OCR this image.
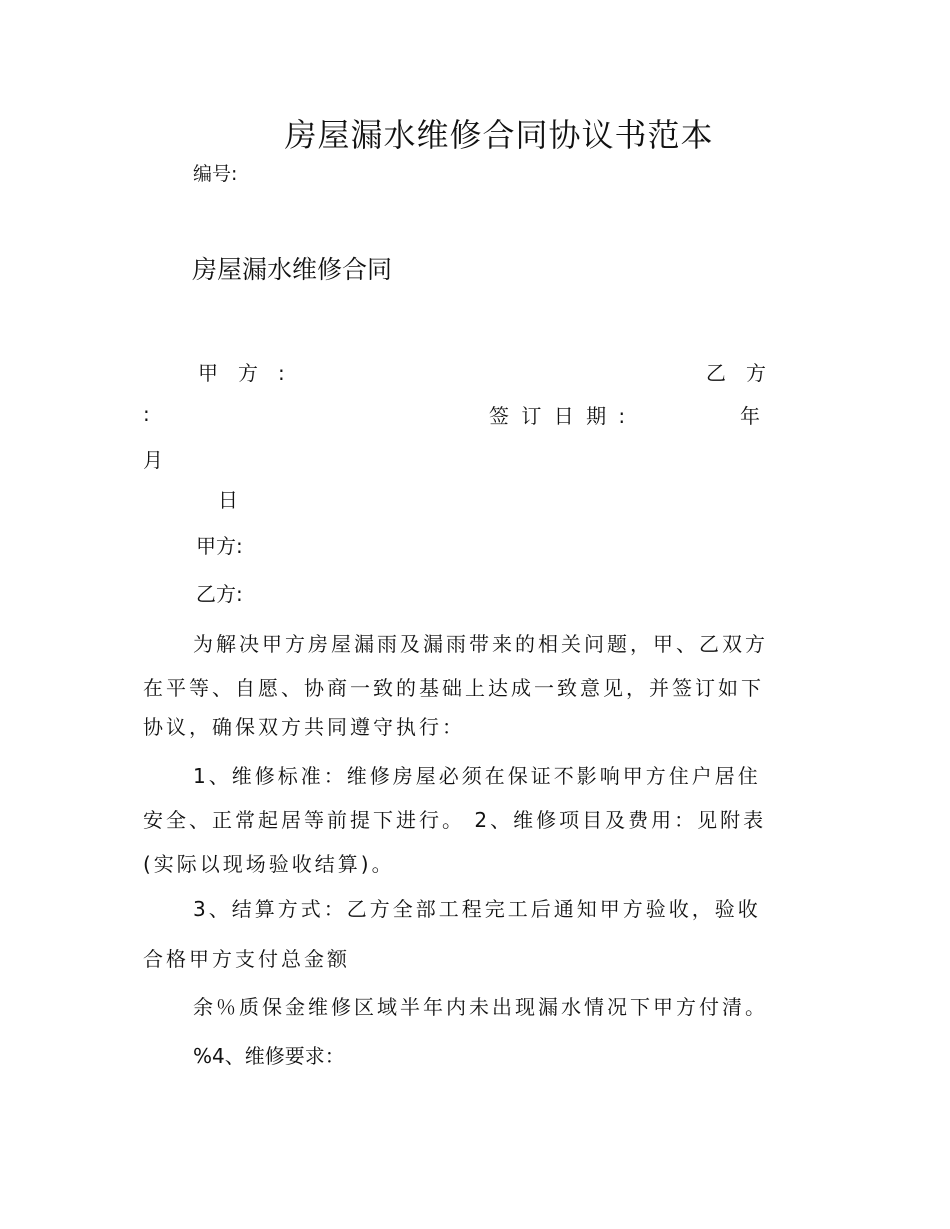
房屋漏水维修合同协议书范本
编号:
房屋漏水维修合同
甲　方　:	乙　方
:	签 订 日 期 :	年
月
日
甲方:
乙方:
为解决甲方房屋漏雨及漏雨带来的相关问题，甲、乙双方
在平等、自愿、协商一致的基础上达成一致意见，并签订如下
协议，确保双方共同遵守执行：
1、维修标准：维修房屋必须在保证不影响甲方住户居住
安全、正常起居等前提下进行。 2、维修项目及费用：见附表
(实际以现场验收结算)。
3、结算方式：乙方全部工程完工后通知甲方验收，验收
合格甲方支付总金额
余％质保金维修区域半年内未出现漏水情况下甲方付清。
%4、维修要求：
